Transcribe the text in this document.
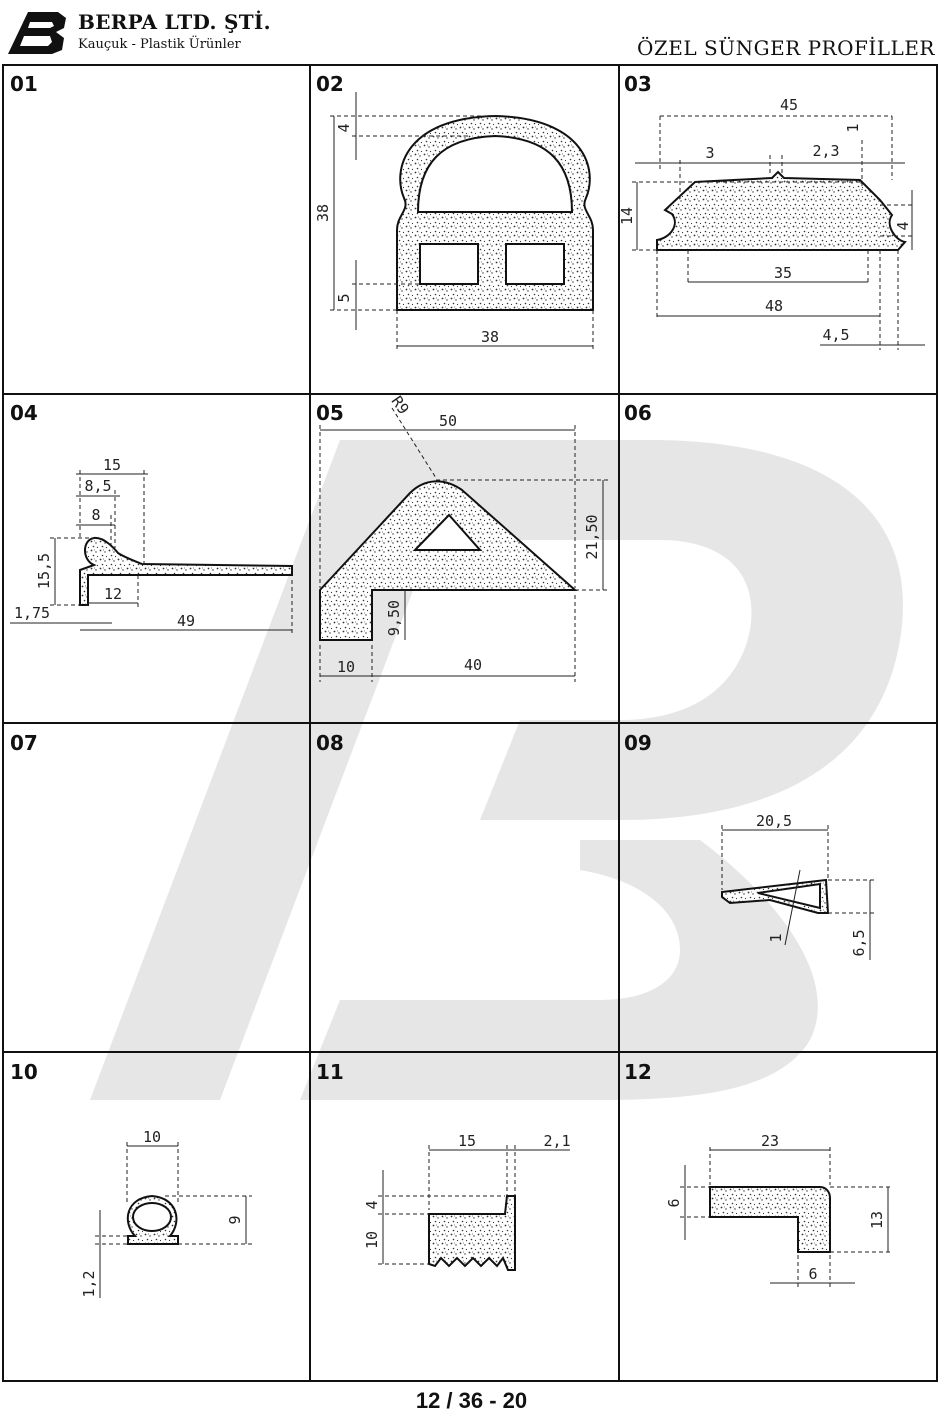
BERPA LTD. ŞTİ.
Kauçuk - Plastik Ürünler	ÖZEL SÜNGER PROFİLLER
01	02	03
04	05	06
07	08	09
10	11	12
4
38
5
38
45
1
3	2,3
14
4
35
48
4,5
15
8,5
8
15,5
12
1,75	49
R9
50
21,50
9,50
10	40
20,5
1	6,5
10
9
1,2
15	2,1
4
10
23
6
13
6
12 / 36 - 20
